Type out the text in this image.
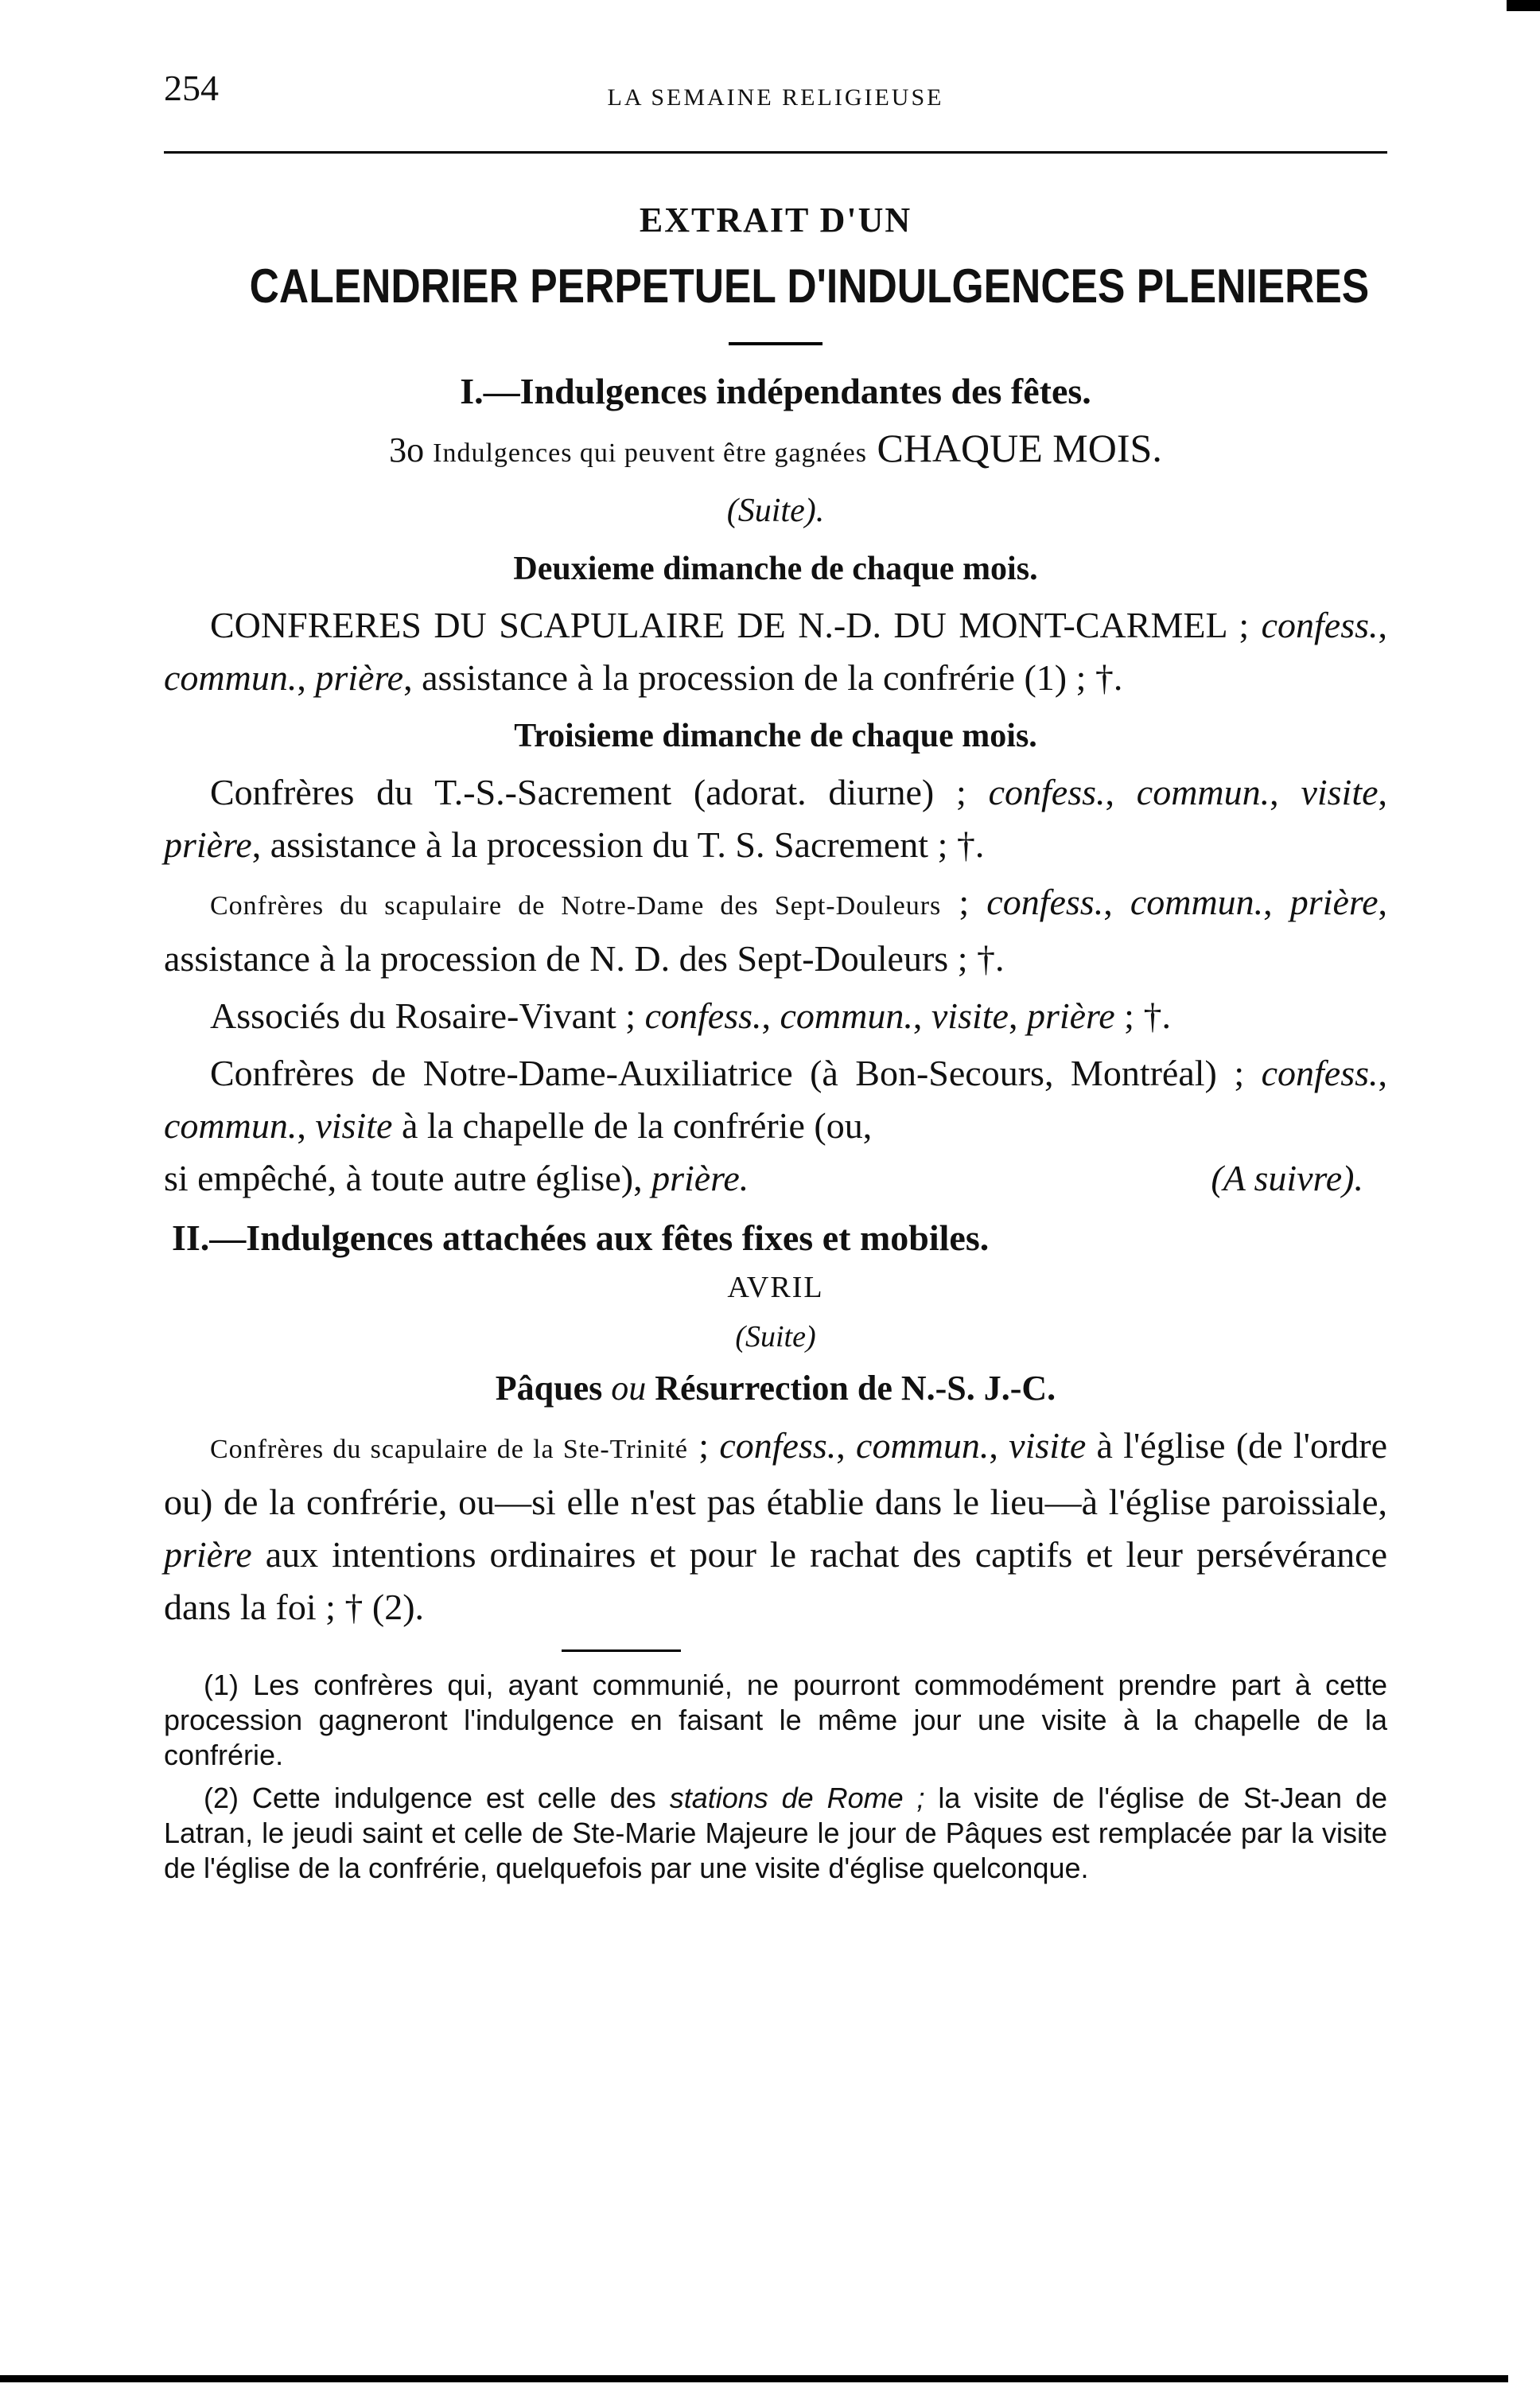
254	LA SEMAINE RELIGIEUSE
EXTRAIT D'UN
CALENDRIER PERPETUEL D'INDULGENCES PLENIERES
I.—Indulgences indépendantes des fêtes.
3o Indulgences qui peuvent être gagnées CHAQUE MOIS.
(Suite).
Deuxieme dimanche de chaque mois.

CONFRERES DU SCAPULAIRE DE N.-D. DU MONT-CARMEL ; confess., commun., prière, assistance à la procession de la confrérie (1) ; †.

Troisieme dimanche de chaque mois.

Confrères du T.-S.-Sacrement (adorat. diurne) ; confess., commun., visite, prière, assistance à la procession du T. S. Sacrement ; †.

Confrères du scapulaire de Notre-Dame des Sept-Douleurs ; confess., commun., prière, assistance à la procession de N. D. des Sept-Douleurs ; †.

Associés du Rosaire-Vivant ; confess., commun., visite, prière ; †.

Confrères de Notre-Dame-Auxiliatrice (à Bon-Secours, Montréal) ; confess., commun., visite à la chapelle de la confrérie (ou,

si empêché, à toute autre église), prière.	(A suivre).

II.—Indulgences attachées aux fêtes fixes et mobiles.
AVRIL
(Suite)
Pâques ou Résurrection de N.-S. J.-C.

Confrères du scapulaire de la Ste-Trinité ; confess., commun., visite à l'église (de l'ordre ou) de la confrérie, ou—si elle n'est pas établie dans le lieu—à l'église paroissiale, prière aux intentions ordinaires et pour le rachat des captifs et leur persévérance dans la foi ; † (2).

(1) Les confrères qui, ayant communié, ne pourront commodément prendre part à cette procession gagneront l'indulgence en faisant le même jour une visite à la chapelle de la confrérie.

(2) Cette indulgence est celle des stations de Rome ; la visite de l'église de St-Jean de Latran, le jeudi saint et celle de Ste-Marie Majeure le jour de Pâques est remplacée par la visite de l'église de la confrérie, quelquefois par une visite d'église quelconque.
